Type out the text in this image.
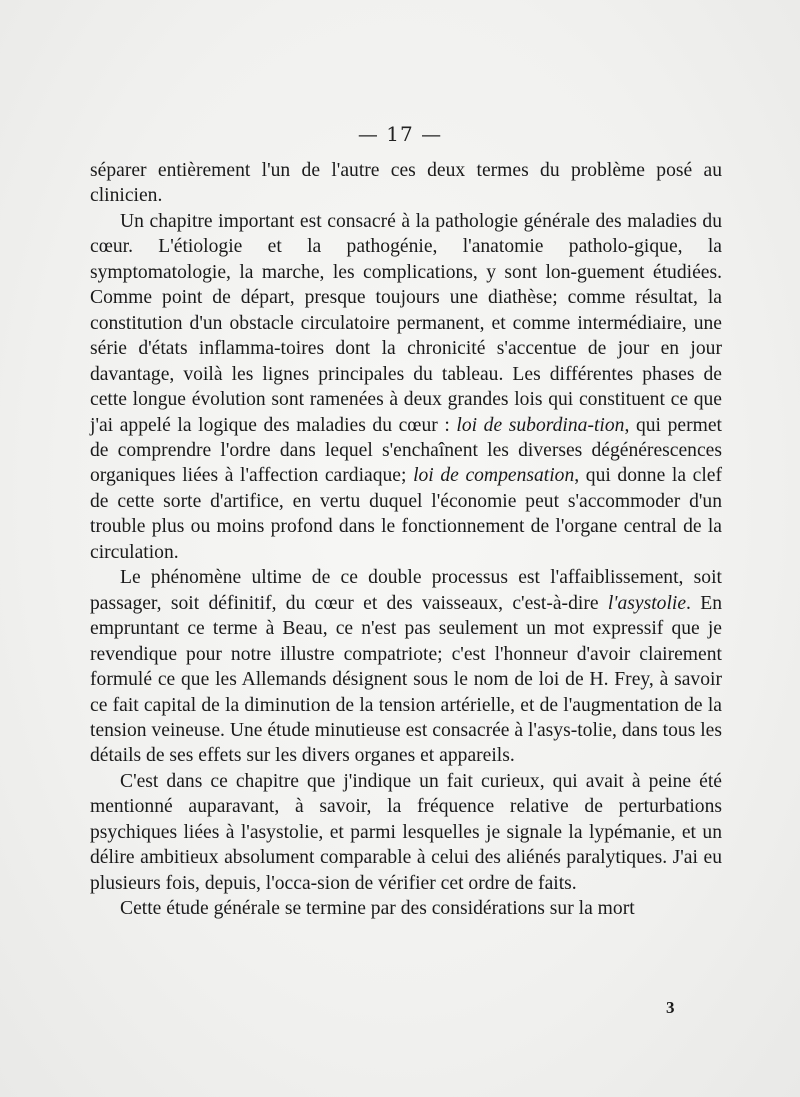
— 17 —

séparer entièrement l'un de l'autre ces deux termes du problème posé au clinicien.

Un chapitre important est consacré à la pathologie générale des maladies du cœur. L'étiologie et la pathogénie, l'anatomie patholo-gique, la symptomatologie, la marche, les complications, y sont lon-guement étudiées. Comme point de départ, presque toujours une diathèse; comme résultat, la constitution d'un obstacle circulatoire permanent, et comme intermédiaire, une série d'états inflamma-toires dont la chronicité s'accentue de jour en jour davantage, voilà les lignes principales du tableau. Les différentes phases de cette longue évolution sont ramenées à deux grandes lois qui constituent ce que j'ai appelé la logique des maladies du cœur : loi de subordina-tion, qui permet de comprendre l'ordre dans lequel s'enchaînent les diverses dégénérescences organiques liées à l'affection cardiaque; loi de compensation, qui donne la clef de cette sorte d'artifice, en vertu duquel l'économie peut s'accommoder d'un trouble plus ou moins profond dans le fonctionnement de l'organe central de la circulation.

Le phénomène ultime de ce double processus est l'affaiblissement, soit passager, soit définitif, du cœur et des vaisseaux, c'est-à-dire l'asystolie. En empruntant ce terme à Beau, ce n'est pas seulement un mot expressif que je revendique pour notre illustre compatriote; c'est l'honneur d'avoir clairement formulé ce que les Allemands désignent sous le nom de loi de H. Frey, à savoir ce fait capital de la diminution de la tension artérielle, et de l'augmentation de la tension veineuse. Une étude minutieuse est consacrée à l'asys-tolie, dans tous les détails de ses effets sur les divers organes et appareils.

C'est dans ce chapitre que j'indique un fait curieux, qui avait à peine été mentionné auparavant, à savoir, la fréquence relative de perturbations psychiques liées à l'asystolie, et parmi lesquelles je signale la lypémanie, et un délire ambitieux absolument comparable à celui des aliénés paralytiques. J'ai eu plusieurs fois, depuis, l'occa-sion de vérifier cet ordre de faits.

Cette étude générale se termine par des considérations sur la mort

3
